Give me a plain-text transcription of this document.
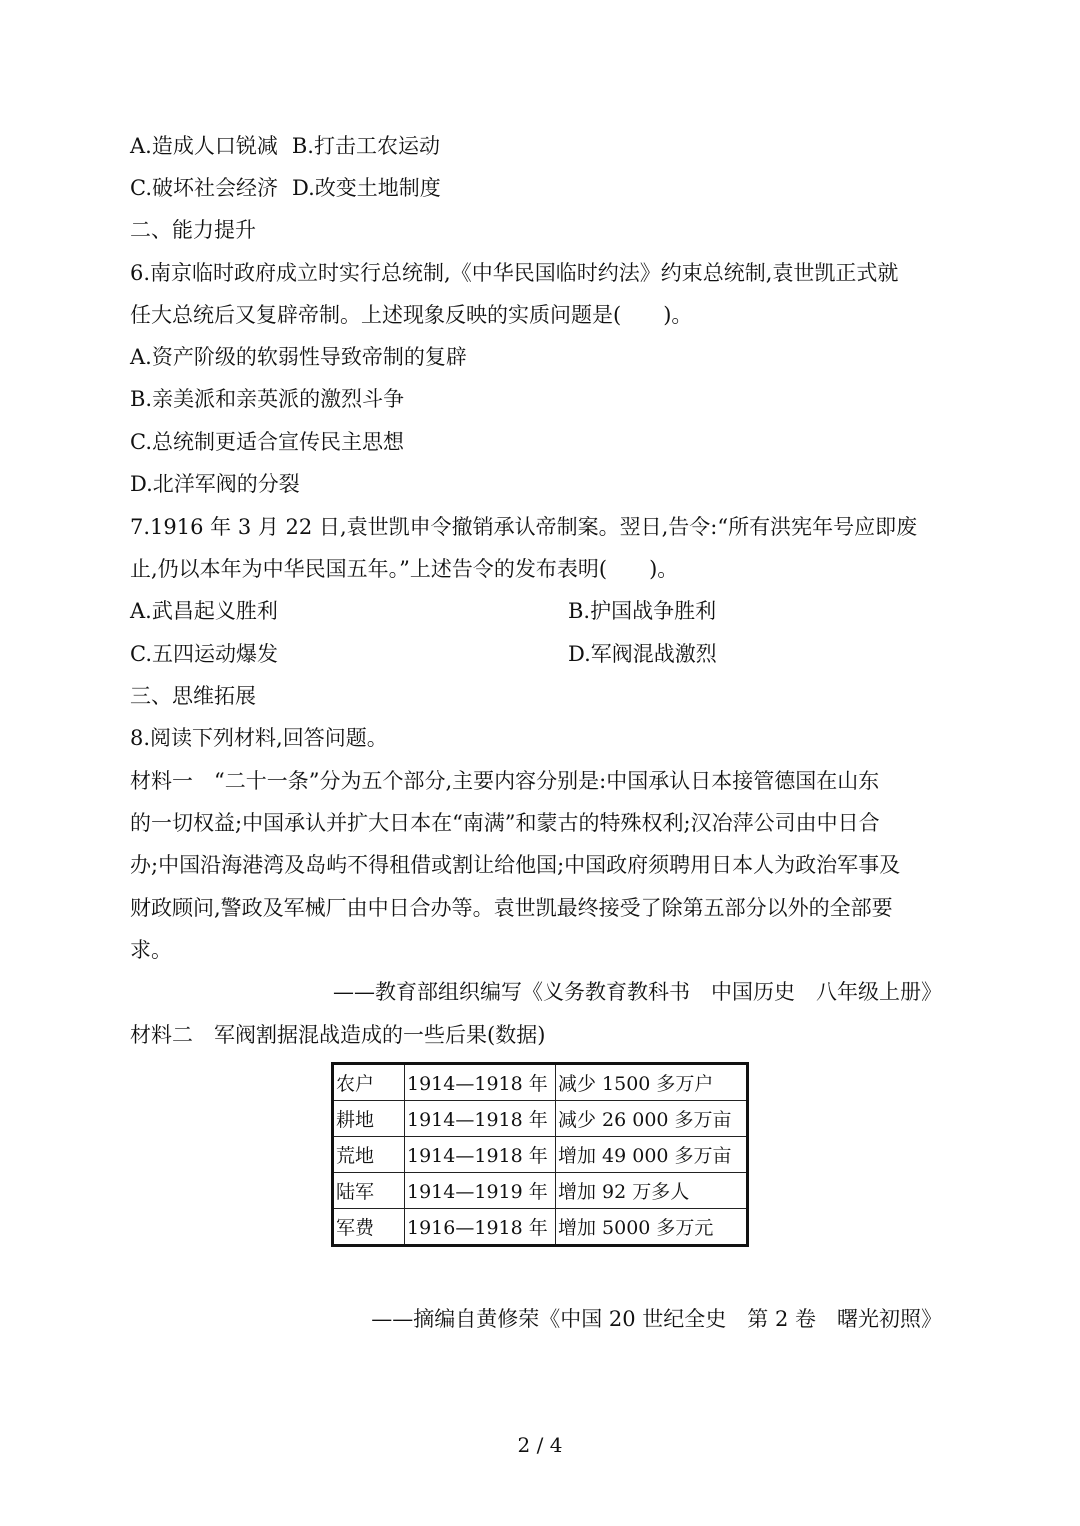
A.造成人口锐减 B.打击工农运动
C.破坏社会经济 D.改变土地制度
二、能力提升
6.南京临时政府成立时实行总统制,《中华民国临时约法》约束总统制,袁世凯正式就
任大总统后又复辟帝制。上述现象反映的实质问题是(　　)。
A.资产阶级的软弱性导致帝制的复辟
B.亲美派和亲英派的激烈斗争
C.总统制更适合宣传民主思想
D.北洋军阀的分裂
7.1916 年 3 月 22 日,袁世凯申令撤销承认帝制案。翌日,告令:“所有洪宪年号应即废
止,仍以本年为中华民国五年。”上述告令的发布表明(　　)。
A.武昌起义胜利	B.护国战争胜利
C.五四运动爆发	D.军阀混战激烈
三、思维拓展
8.阅读下列材料,回答问题。
材料一　“二十一条”分为五个部分,主要内容分别是:中国承认日本接管德国在山东
的一切权益;中国承认并扩大日本在“南满”和蒙古的特殊权利;汉冶萍公司由中日合
办;中国沿海港湾及岛屿不得租借或割让给他国;中国政府须聘用日本人为政治军事及
财政顾问,警政及军械厂由中日合办等。袁世凯最终接受了除第五部分以外的全部要
求。
——教育部组织编写《义务教育教科书　中国历史　八年级上册》
材料二　军阀割据混战造成的一些后果(数据)
农户	1914—1918 年	减少 1500 多万户
耕地	1914—1918 年	减少 26 000 多万亩
荒地	1914—1918 年	增加 49 000 多万亩
陆军	1914—1919 年	增加 92 万多人
军费	1916—1918 年	增加 5000 多万元
——摘编自黄修荣《中国 20 世纪全史　第 2 卷　曙光初照》
2 / 4
